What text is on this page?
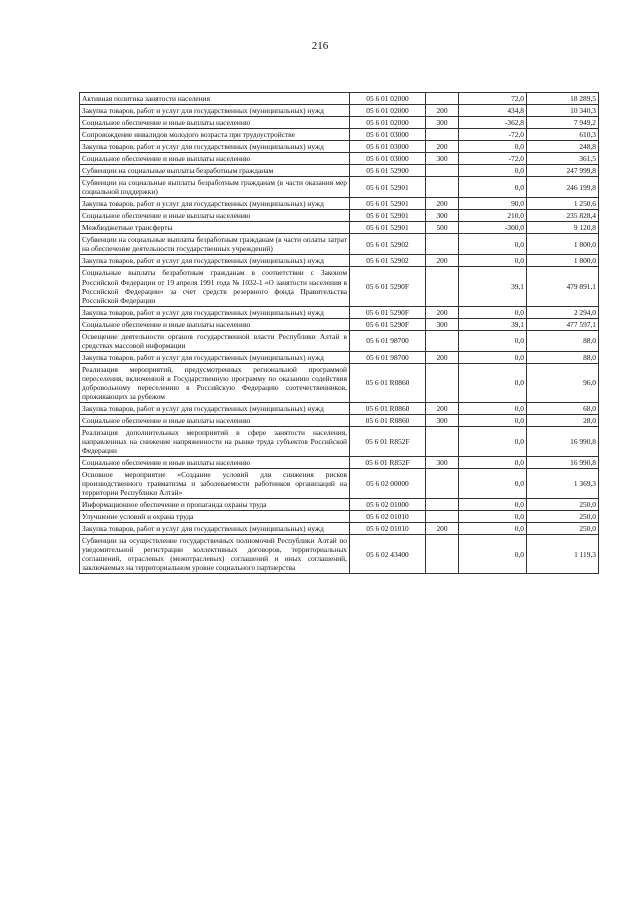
216
Активная политика занятости населения	05 6 01 02000		72,0	18 289,5
Закупка товаров, работ и услуг для государственных (муниципальных) нужд	05 6 01 02000	200	434,8	10 340,3
Социальное обеспечение и иные выплаты населению	05 6 01 02000	300	-362,8	7 949,2
Сопровождение инвалидов молодого возраста при трудоустройстве	05 6 01 03000		-72,0	610,3
Закупка товаров, работ и услуг для государственных (муниципальных) нужд	05 6 01 03000	200	0,0	248,8
Социальное обеспечение и иные выплаты населению	05 6 01 03000	300	-72,0	361,5
Субвенции на социальные выплаты безработным гражданам	05 6 01 52900		0,0	247 999,8
Субвенции на социальные выплаты безработным гражданам (в части оказания мер социальной поддержки)	05 6 01 52901		0,0	246 199,8
Закупка товаров, работ и услуг для государственных (муниципальных) нужд	05 6 01 52901	200	90,0	1 250,6
Социальное обеспечение и иные выплаты населению	05 6 01 52901	300	210,0	235 828,4
Межбюджетные трансферты	05 6 01 52901	500	-300,0	9 120,8
Субвенции на социальные выплаты безработным гражданам (в части оплаты затрат на обеспечение деятельности государственных учреждений)	05 6 01 52902		0,0	1 800,0
Закупка товаров, работ и услуг для государственных (муниципальных) нужд	05 6 01 52902	200	0,0	1 800,0
Социальные выплаты безработным гражданам в соответствии с Законом Российской Федерации от 19 апреля 1991 года № 1032-1 «О занятости населения в Российской Федерации» за счет средств резервного фонда Правительства Российской Федерации	05 6 01 5290F		39,1	479 891,1
Закупка товаров, работ и услуг для государственных (муниципальных) нужд	05 6 01 5290F	200	0,0	2 294,0
Социальное обеспечение и иные выплаты населению	05 6 01 5290F	300	39,1	477 597,1
Освещение деятельности органов государственной власти Республики Алтай в средствах массовой информации	05 6 01 98700		0,0	88,0
Закупка товаров, работ и услуг для государственных (муниципальных) нужд	05 6 01 98700	200	0,0	88,0
Реализация мероприятий, предусмотренных региональной программой переселения, включенной в Государственную программу по оказанию содействия добровольному переселению в Российскую Федерацию соотечественников, проживающих за рубежом	05 6 01 R0860		0,0	96,0
Закупка товаров, работ и услуг для государственных (муниципальных) нужд	05 6 01 R0860	200	0,0	68,0
Социальное обеспечение и иные выплаты населению	05 6 01 R0860	300	0,0	28,0
Реализация дополнительных мероприятий в сфере занятости населения, направленных на снижение напряженности на рынке труда субъектов Российской Федерации	05 6 01 R852F		0,0	16 990,8
Социальное обеспечение и иные выплаты населению	05 6 01 R852F	300	0,0	16 990,8
Основное мероприятие «Создание условий для снижения рисков производственного травматизма и заболеваемости работников организаций на территории Республики Алтай»	05 6 02 00000		0,0	1 369,3
Информационное обеспечение и пропаганда охраны труда	05 6 02 01000		0,0	250,0
Улучшение условий и охрана труда	05 6 02 01010		0,0	250,0
Закупка товаров, работ и услуг для государственных (муниципальных) нужд	05 6 02 01010	200	0,0	250,0
Субвенции на осуществление государственных полномочий Республики Алтай по уведомительной регистрации коллективных договоров, территориальных соглашений, отраслевых (межотраслевых) соглашений и иных соглашений, заключаемых на территориальном уровне социального партнерства	05 6 02 43400		0,0	1 119,3
